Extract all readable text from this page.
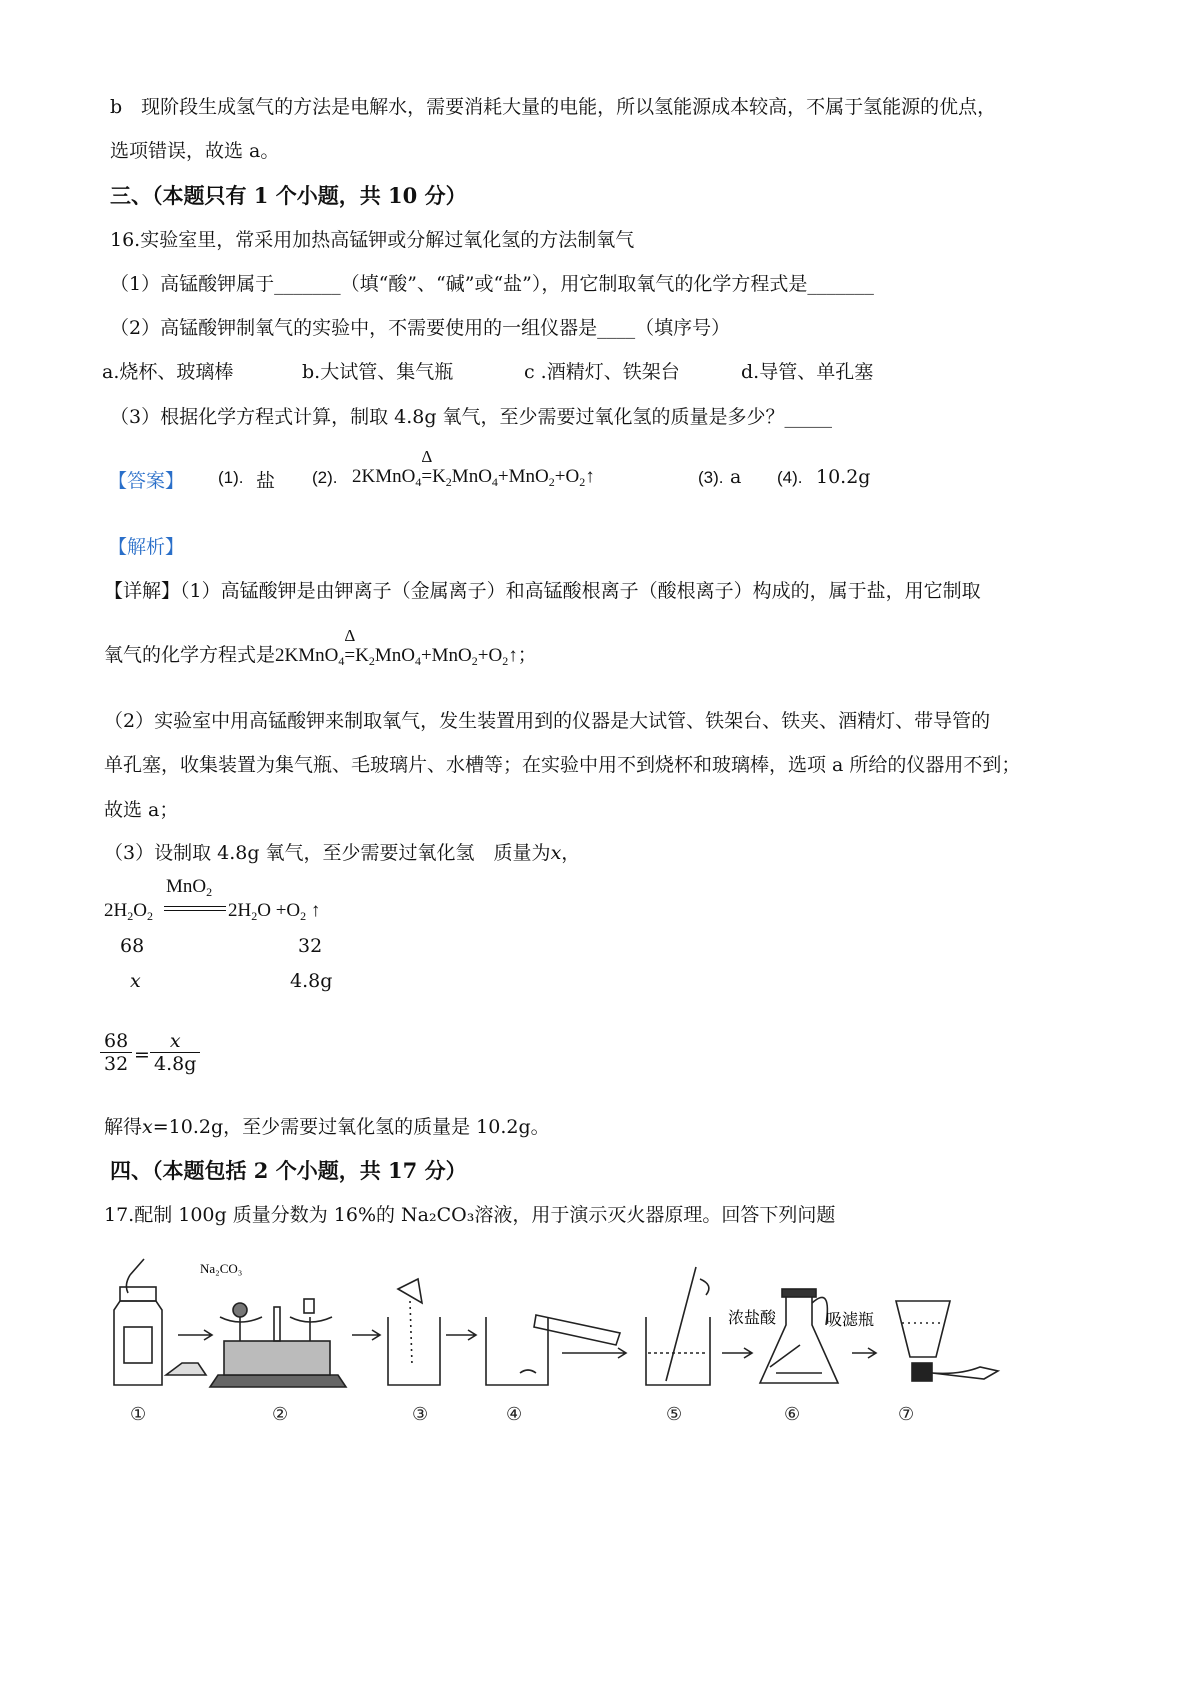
b　现阶段生成氢气的方法是电解水，需要消耗大量的电能，所以氢能源成本较高，不属于氢能源的优点，
选项错误，故选 a。
三、（本题只有 1 个小题，共 10 分）
16.实验室里，常采用加热高锰钾或分解过氧化氢的方法制氧气
（1）高锰酸钾属于_______（填“酸”、“碱”或“盐”），用它制取氧气的化学方程式是_______
（2）高锰酸钾制氧气的实验中，不需要使用的一组仪器是____（填序号）
a.烧杯、玻璃棒	b.大试管、集气瓶	c .酒精灯、铁架台	d.导管、单孔塞
（3）根据化学方程式计算，制取 4.8g 氧气，至少需要过氧化氢的质量是多少？_____
【答案】 (1). 盐 (2). 2KMnO$_4$=
Δ
$K_2MnO_4+MnO_2+O_2↑$	(3). a (4). 10.2g
【解析】
【详解】（1）高锰酸钾是由钾离子（金属离子）和高锰酸根离子（酸根离子）构成的，属于盐，用它制取
氧气的化学方程式是2KMnO$_4$=
Δ
$K_2MnO_4+MnO_2+O_2↑$；
（2）实验室中用高锰酸钾来制取氧气，发生装置用到的仪器是大试管、铁架台、铁夹、酒精灯、带导管的
单孔塞，收集装置为集气瓶、毛玻璃片、水槽等；在实验中用不到烧杯和玻璃棒，选项 a 所给的仪器用不到；
故选 a；
（3）设制取 4.8g 氧气，至少需要过氧化氢　质量为x，
MnO$_2$
$2H_2O_2$	$2H_2O +O_2$ ↑
68	32
x	4.8g
$\frac{68}{32} = \frac{x}{4.8g}$
解得x=10.2g，至少需要过氧化氢的质量是 10.2g。
四、（本题包括 2 个小题，共 17 分）
17.配制 100g 质量分数为 16%的 Na₂CO₃溶液，用于演示灭火器原理。回答下列问题
Na₂CO₃
浓盐酸	吸滤瓶
①	②	③	④	⑤	⑥	⑦
